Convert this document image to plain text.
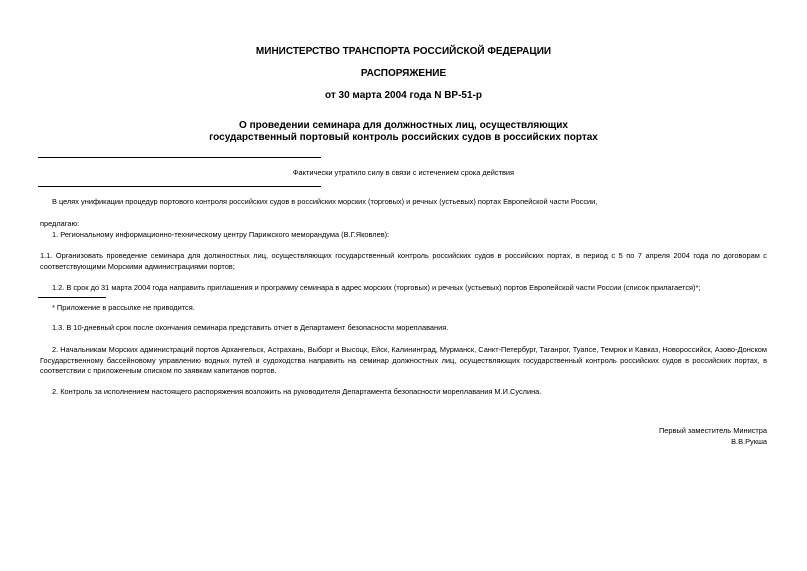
МИНИСТЕРСТВО ТРАНСПОРТА РОССИЙСКОЙ ФЕДЕРАЦИИ
РАСПОРЯЖЕНИЕ
от 30 марта 2004 года N ВР-51-р
О проведении семинара для должностных лиц, осуществляющих
государственный портовый контроль российских судов в российских портах
Фактически утратило силу в связи с истечением срока действия
В целях унификации процедур портового контроля российских судов в российских морских (торговых) и речных (устьевых) портах Европейской части России,
предлагаю:
1. Региональному информационно-техническому центру Парижского меморандума (В.Г.Яковлев):
1.1. Организовать проведение семинара для должностных лиц, осуществляющих государственный контроль российских судов в российских портах, в период с 5 по 7 апреля 2004 года по договорам с соответствующими Морскими администрациями портов;
1.2. В срок до 31 марта 2004 года направить приглашения и программу семинара в адрес морских (торговых) и речных (устьевых) портов Европейской части России (список прилагается)*;
* Приложение в рассылке не приводится.
1.3. В 10-дневный срок после окончания семинара представить отчет в Департамент безопасности мореплавания.
2. Начальникам Морских администраций портов Архангельск, Астрахань, Выборг и Высоцк, Ейск, Калининград, Мурманск, Санкт-Петербург, Таганрог, Туапсе, Темрюк и Кавказ, Новороссийск, Азово-Донском Государственному бассейновому управлению водных путей и судоходства направить на семинар должностных лиц, осуществляющих государственный контроль российских судов в российских портах, в соответствии с приложенным списком по заявкам капитанов портов.
2. Контроль за исполнением настоящего распоряжения возложить на руководителя Департамента безопасности мореплавания М.И.Суслина.
Первый заместитель Министра
В.В.Рукша
